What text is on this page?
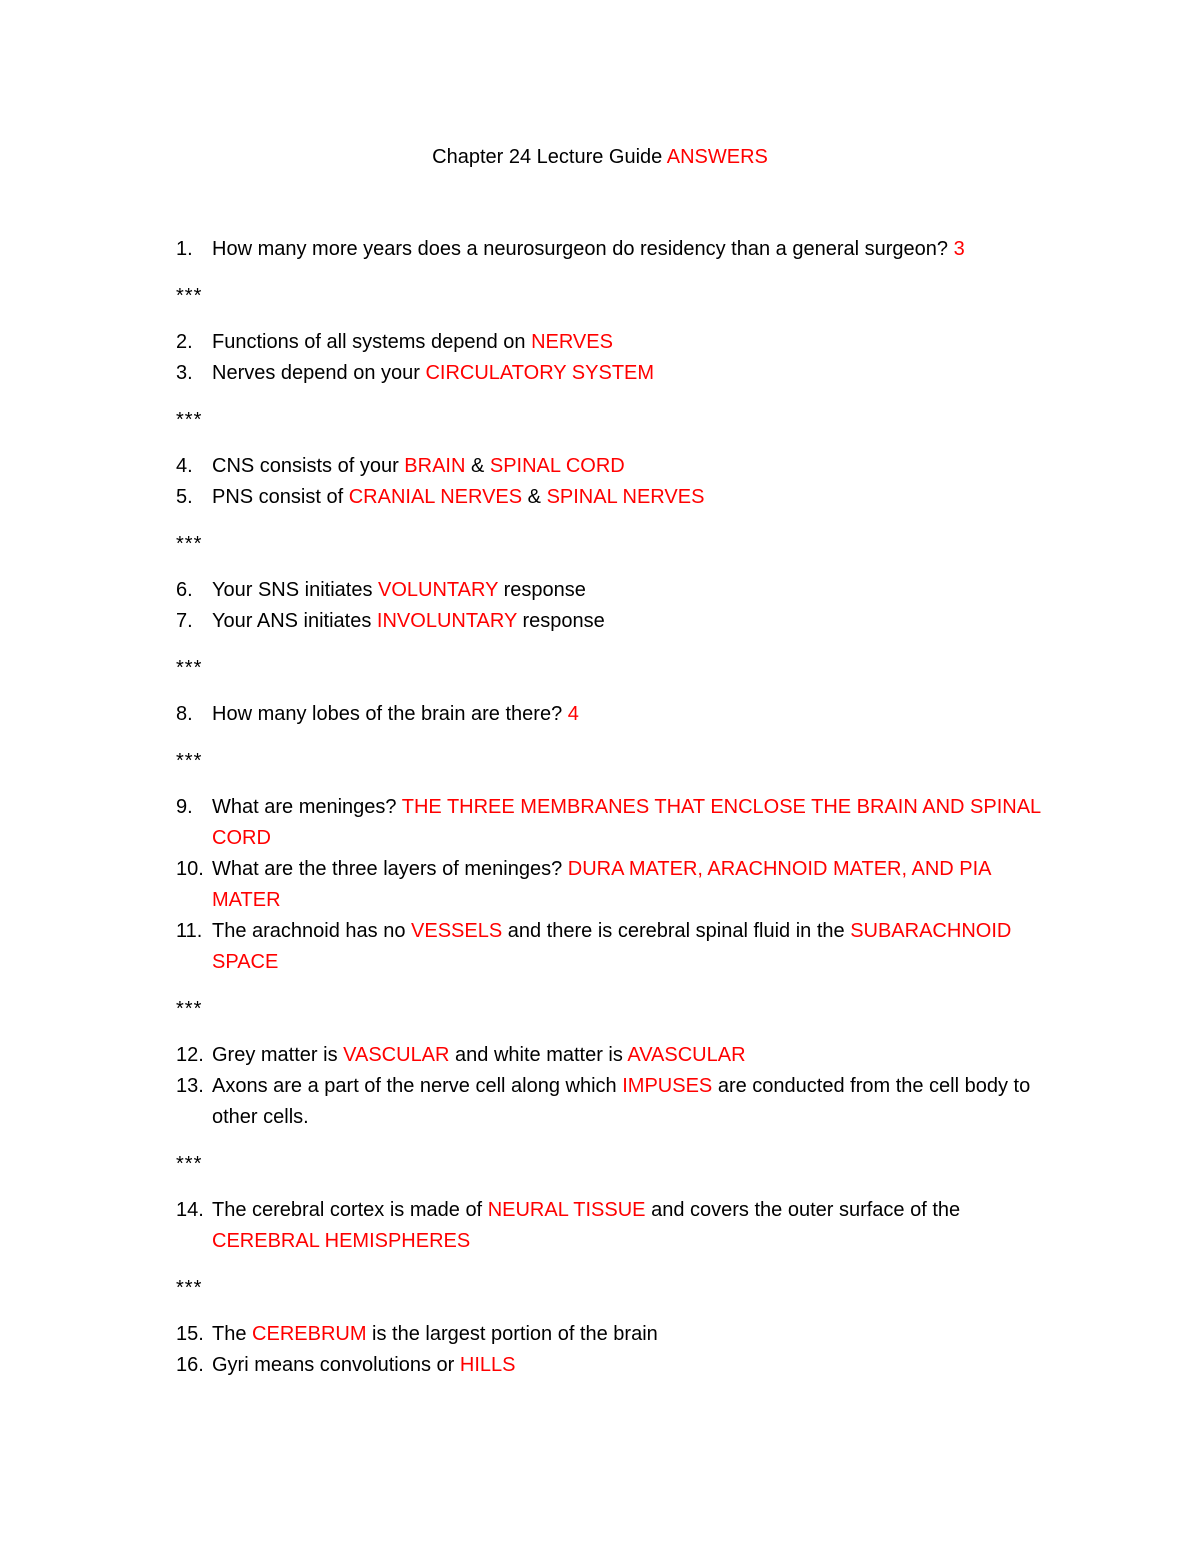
Chapter 24 Lecture Guide ANSWERS
1. How many more years does a neurosurgeon do residency than a general surgeon? 3
***
2. Functions of all systems depend on NERVES
3. Nerves depend on your CIRCULATORY SYSTEM
***
4. CNS consists of your BRAIN & SPINAL CORD
5. PNS consist of CRANIAL NERVES & SPINAL NERVES
***
6. Your SNS initiates VOLUNTARY response
7. Your ANS initiates INVOLUNTARY response
***
8. How many lobes of the brain are there? 4
***
9. What are meninges? THE THREE MEMBRANES THAT ENCLOSE THE BRAIN AND SPINAL CORD
10. What are the three layers of meninges? DURA MATER, ARACHNOID MATER, AND PIA MATER
11. The arachnoid has no VESSELS and there is cerebral spinal fluid in the SUBARACHNOID SPACE
***
12. Grey matter is VASCULAR and white matter is AVASCULAR
13. Axons are a part of the nerve cell along which IMPUSES are conducted from the cell body to other cells.
***
14. The cerebral cortex is made of NEURAL TISSUE and covers the outer surface of the CEREBRAL HEMISPHERES
***
15. The CEREBRUM is the largest portion of the brain
16. Gyri means convolutions or HILLS
